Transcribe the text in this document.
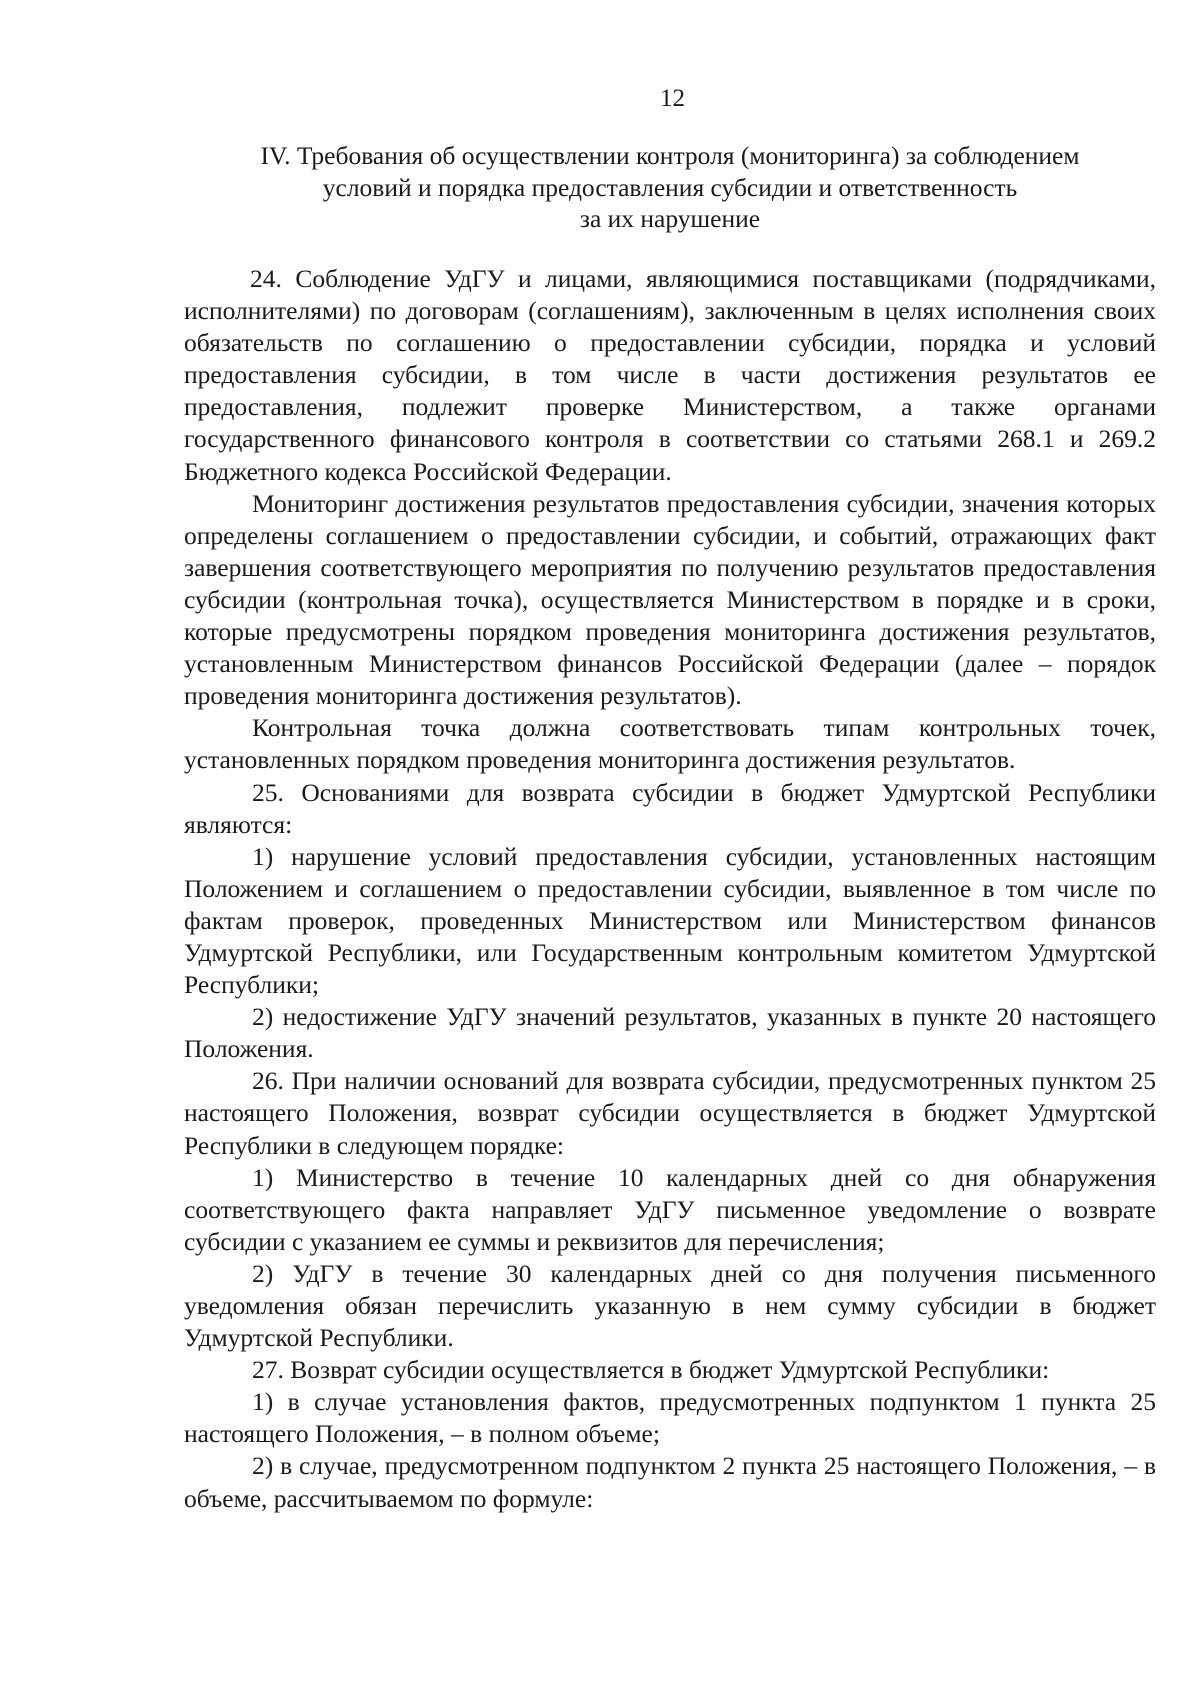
12
IV. Требования об осуществлении контроля (мониторинга) за соблюдением
условий и порядка предоставления субсидии и ответственность
за их нарушение

24. Соблюдение УдГУ и лицами, являющимися поставщиками (подрядчиками, исполнителями) по договорам (соглашениям), заключенным в целях исполнения своих обязательств по соглашению о предоставлении субсидии, порядка и условий предоставления субсидии, в том числе в части достижения результатов ее предоставления, подлежит проверке Министерством, а также органами государственного финансового контроля в соответствии со статьями 268.1 и 269.2 Бюджетного кодекса Российской Федерации.

Мониторинг достижения результатов предоставления субсидии, значения которых определены соглашением о предоставлении субсидии, и событий, отражающих факт завершения соответствующего мероприятия по получению результатов предоставления субсидии (контрольная точка), осуществляется Министерством в порядке и в сроки, которые предусмотрены порядком проведения мониторинга достижения результатов, установленным Министерством финансов Российской Федерации (далее – порядок проведения мониторинга достижения результатов).

Контрольная точка должна соответствовать типам контрольных точек, установленных порядком проведения мониторинга достижения результатов.

25. Основаниями для возврата субсидии в бюджет Удмуртской Республики являются:

1) нарушение условий предоставления субсидии, установленных настоящим Положением и соглашением о предоставлении субсидии, выявленное в том числе по фактам проверок, проведенных Министерством или Министерством финансов Удмуртской Республики, или Государственным контрольным комитетом Удмуртской Республики;

2) недостижение УдГУ значений результатов, указанных в пункте 20 настоящего Положения.

26. При наличии оснований для возврата субсидии, предусмотренных пунктом 25 настоящего Положения, возврат субсидии осуществляется в бюджет Удмуртской Республики в следующем порядке:

1) Министерство в течение 10 календарных дней со дня обнаружения соответствующего факта направляет УдГУ письменное уведомление о возврате субсидии с указанием ее суммы и реквизитов для перечисления;

2) УдГУ в течение 30 календарных дней со дня получения письменного уведомления обязан перечислить указанную в нем сумму субсидии в бюджет Удмуртской Республики.

27. Возврат субсидии осуществляется в бюджет Удмуртской Республики:

1) в случае установления фактов, предусмотренных подпунктом 1 пункта 25 настоящего Положения, – в полном объеме;

2) в случае, предусмотренном подпунктом 2 пункта 25 настоящего Положения, – в объеме, рассчитываемом по формуле:
